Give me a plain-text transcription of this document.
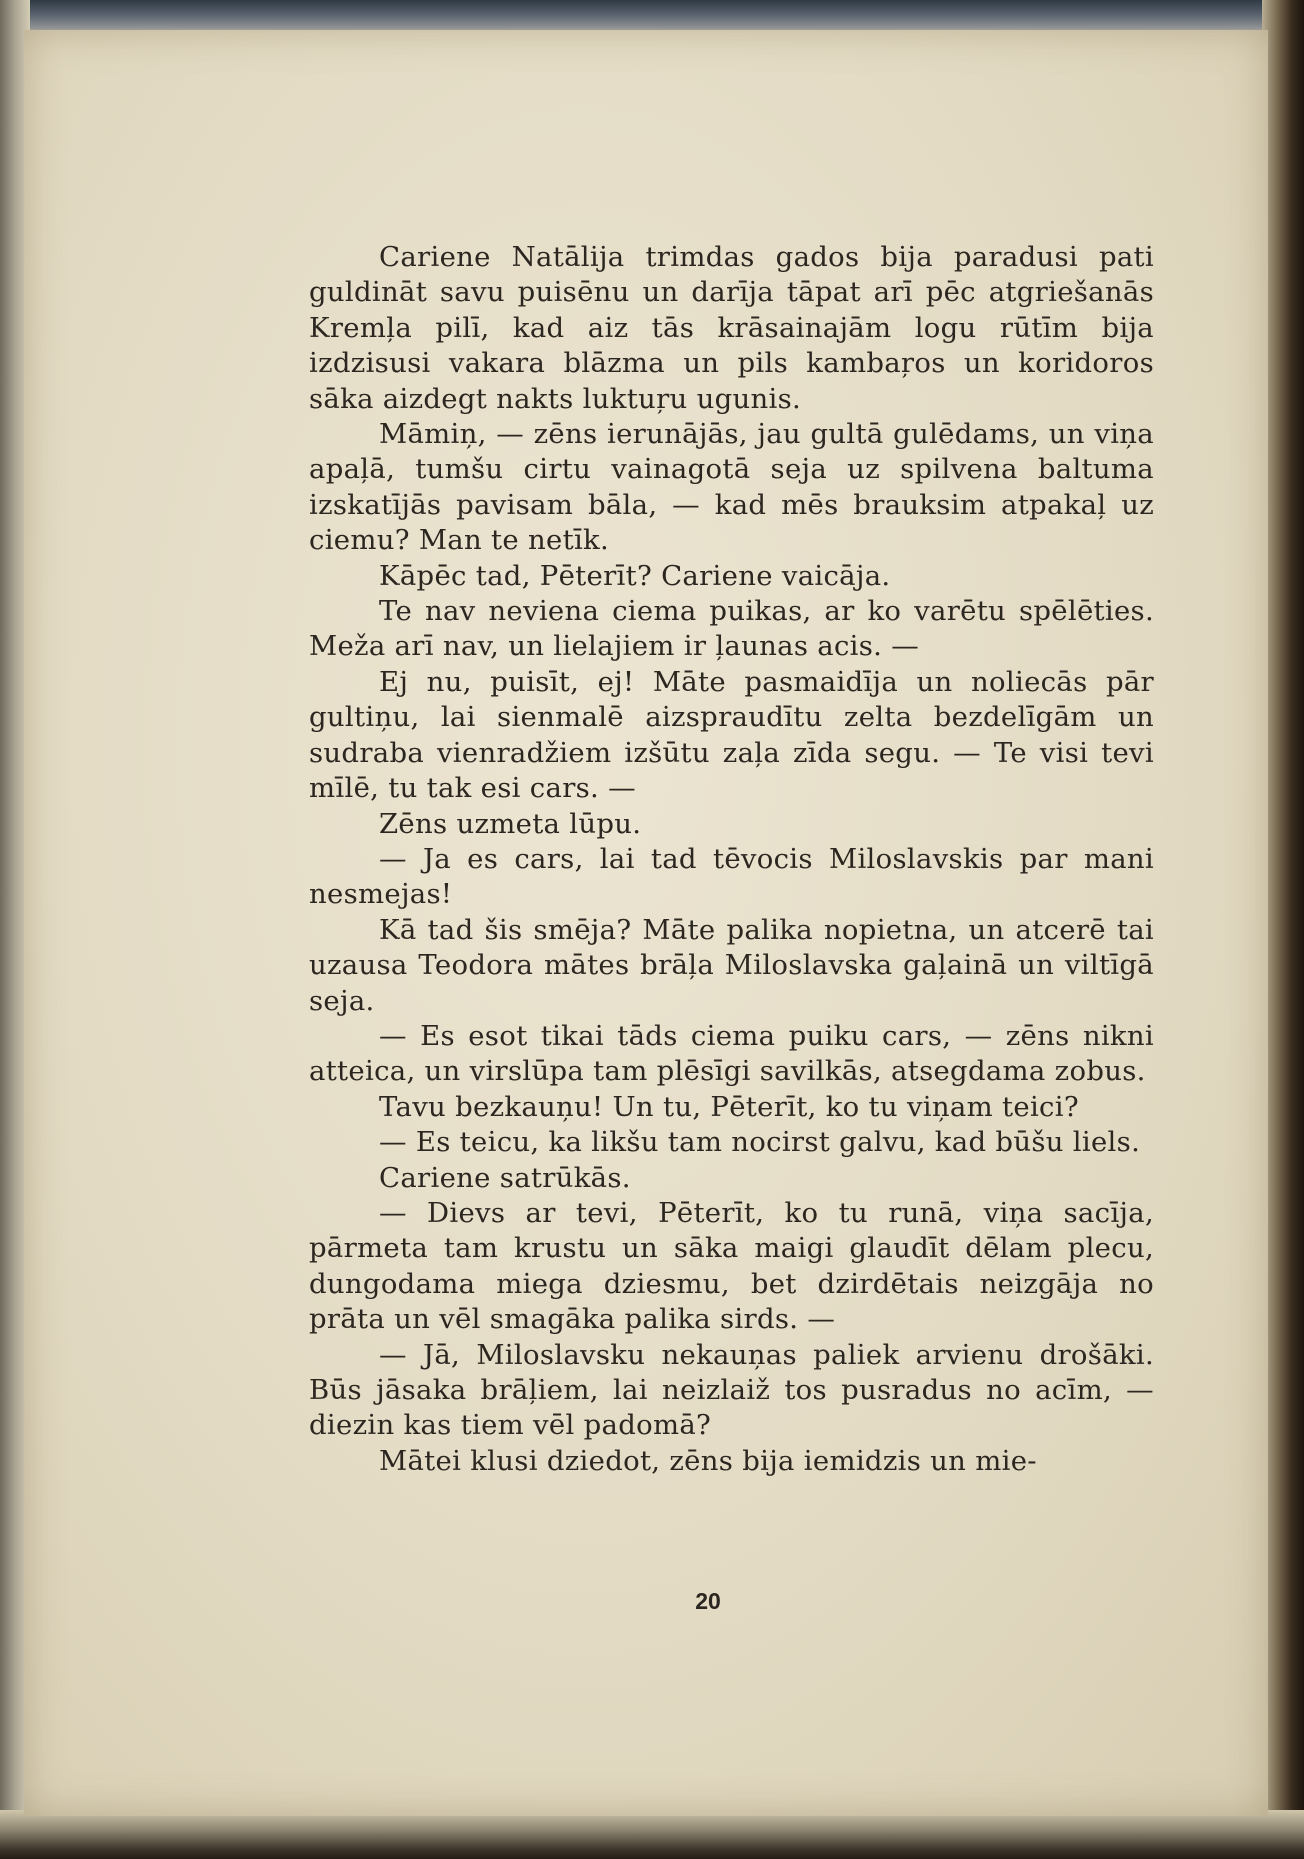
Cariene Natālija trimdas gados bija paradusi pati guldināt savu puisēnu un darīja tāpat arī pēc atgriešanās Kremļa pilī, kad aiz tās krāsainajām logu rūtīm bija izdzisusi vakara blāzma un pils kambaŗos un koridoros sāka aizdegt nakts luktuŗu ugunis.

Māmiņ, — zēns ierunājās, jau gultā gulēdams, un viņa apaļā, tumšu cirtu vainagotā seja uz spilvena baltuma izskatījās pavisam bāla, — kad mēs brauksim atpakaļ uz ciemu? Man te netīk.

Kāpēc tad, Pēterīt? Cariene vaicāja.

Te nav neviena ciema puikas, ar ko varētu spēlēties. Meža arī nav, un lielajiem ir ļaunas acis. —

Ej nu, puisīt, ej! Māte pasmaidīja un noliecās pār gultiņu, lai sienmalē aizspraudītu zelta bezdelīgām un sudraba vienradžiem izšūtu zaļa zīda segu. — Te visi tevi mīlē, tu tak esi cars. —

Zēns uzmeta lūpu.

— Ja es cars, lai tad tēvocis Miloslavskis par mani nesmejas!

Kā tad šis smēja? Māte palika nopietna, un atcerē tai uzausa Teodora mātes brāļa Miloslavska gaļainā un viltīgā seja.

— Es esot tikai tāds ciema puiku cars, — zēns nikni atteica, un virslūpa tam plēsīgi savilkās, atsegdama zobus.

Tavu bezkauņu! Un tu, Pēterīt, ko tu viņam teici?

— Es teicu, ka likšu tam nocirst galvu, kad būšu liels.

Cariene satrūkās.

— Dievs ar tevi, Pēterīt, ko tu runā, viņa sacīja, pārmeta tam krustu un sāka maigi glaudīt dēlam plecu, dungodama miega dziesmu, bet dzirdētais neizgāja no prāta un vēl smagāka palika sirds. —

— Jā, Miloslavsku nekauņas paliek arvienu drošāki. Būs jāsaka brāļiem, lai neizlaiž tos pusradus no acīm, — diezin kas tiem vēl padomā?

Mātei klusi dziedot, zēns bija iemidzis un mie-

20
